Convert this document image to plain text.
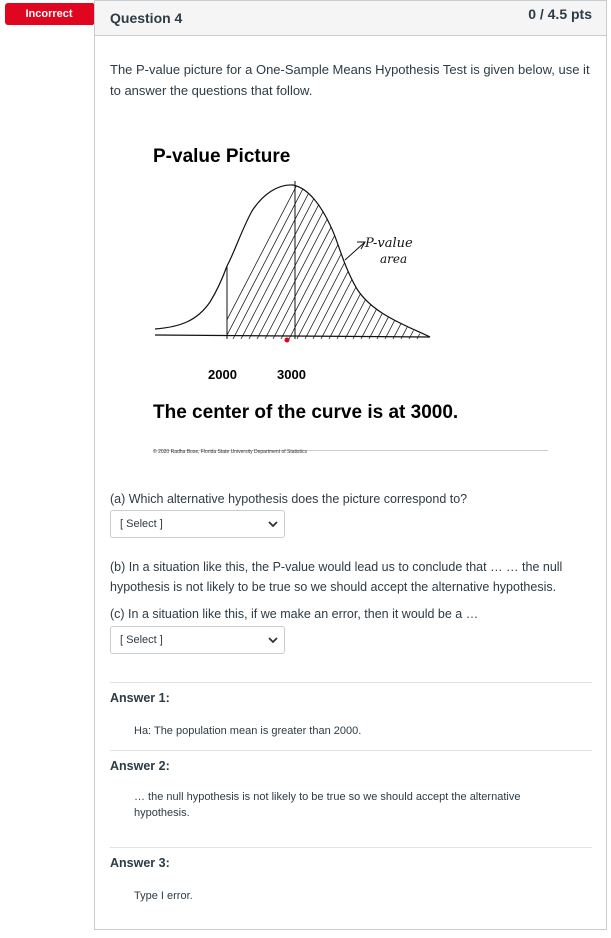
Incorrect	Question 4	0 / 4.5 pts
The P-value picture for a One-Sample Means Hypothesis Test is given below, use it to answer the questions that follow.
P-value Picture
P-value
area
2000	3000
The center of the curve is at 3000.
© 2020 Radha Bose, Florida State University Department of Statistics
(a) Which alternative hypothesis does the picture correspond to?
[ Select ]
(b) In a situation like this, the P-value would lead us to conclude that … … the null hypothesis is not likely to be true so we should accept the alternative hypothesis.
(c) In a situation like this, if we make an error, then it would be a …
[ Select ]
Answer 1:
Ha: The population mean is greater than 2000.
Answer 2:
… the null hypothesis is not likely to be true so we should accept the alternative hypothesis.
Answer 3:
Type I error.
